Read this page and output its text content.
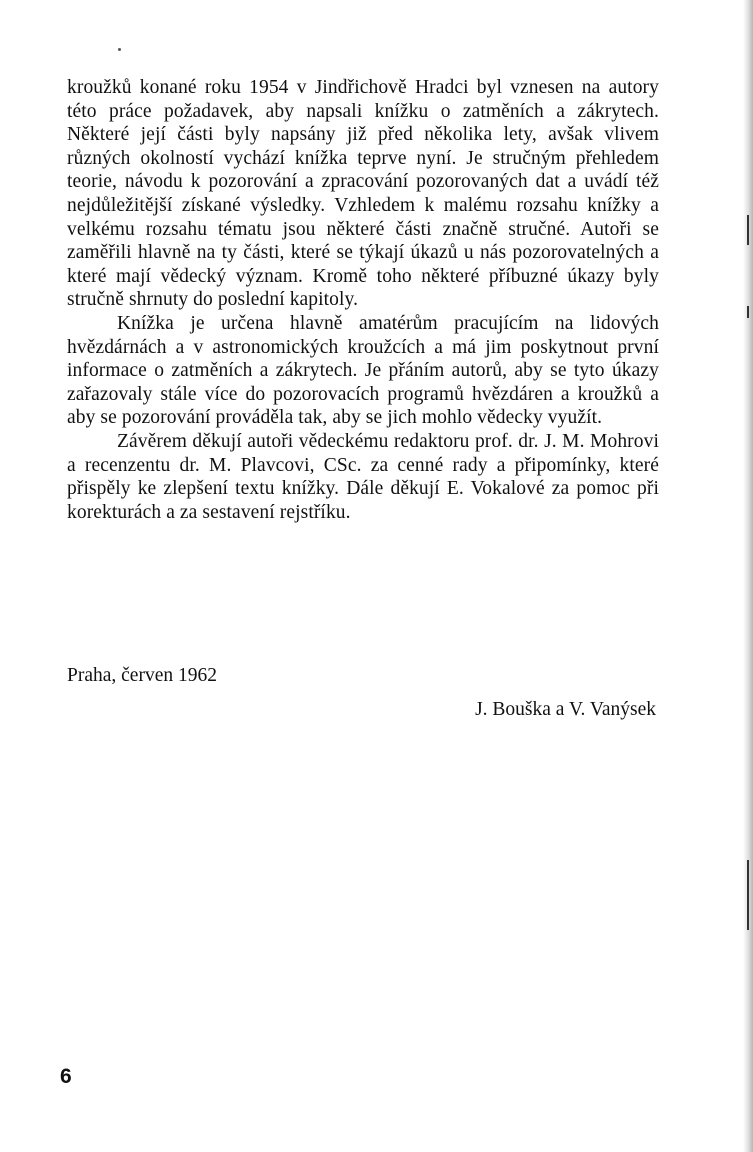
kroužků konané roku 1954 v Jindřichově Hradci byl vznesen na autory této práce požadavek, aby napsali knížku o zatměních a zákrytech. Některé její části byly napsány již před několika lety, avšak vlivem různých okolností vychází knížka teprve nyní. Je stručným přehledem teorie, návodu k pozorování a zpracování pozorovaných dat a uvádí též nejdůležitější získané výsledky. Vzhledem k malému rozsahu knížky a velkému rozsahu tématu jsou některé části značně stručné. Autoři se zaměřili hlavně na ty části, které se týkají úkazů u nás pozorovatelných a které mají vědecký význam. Kromě toho některé příbuzné úkazy byly stručně shrnuty do poslední kapitoly.

Knížka je určena hlavně amatérům pracujícím na lidových hvězdárnách a v astronomických kroužcích a má jim poskytnout první informace o zatměních a zákrytech. Je přáním autorů, aby se tyto úkazy zařazovaly stále více do pozorovacích programů hvězdáren a kroužků a aby se pozorování prováděla tak, aby se jich mohlo vědecky využít.

Závěrem děkují autoři vědeckému redaktoru prof. dr. J. M. Mohrovi a recenzentu dr. M. Plavcovi, CSc. za cenné rady a připomínky, které přispěly ke zlepšení textu knížky. Dále děkují E. Vokalové za pomoc při korekturách a za sestavení rejstříku.

Praha, červen 1962

J. Bouška a V. Vanýsek

6
